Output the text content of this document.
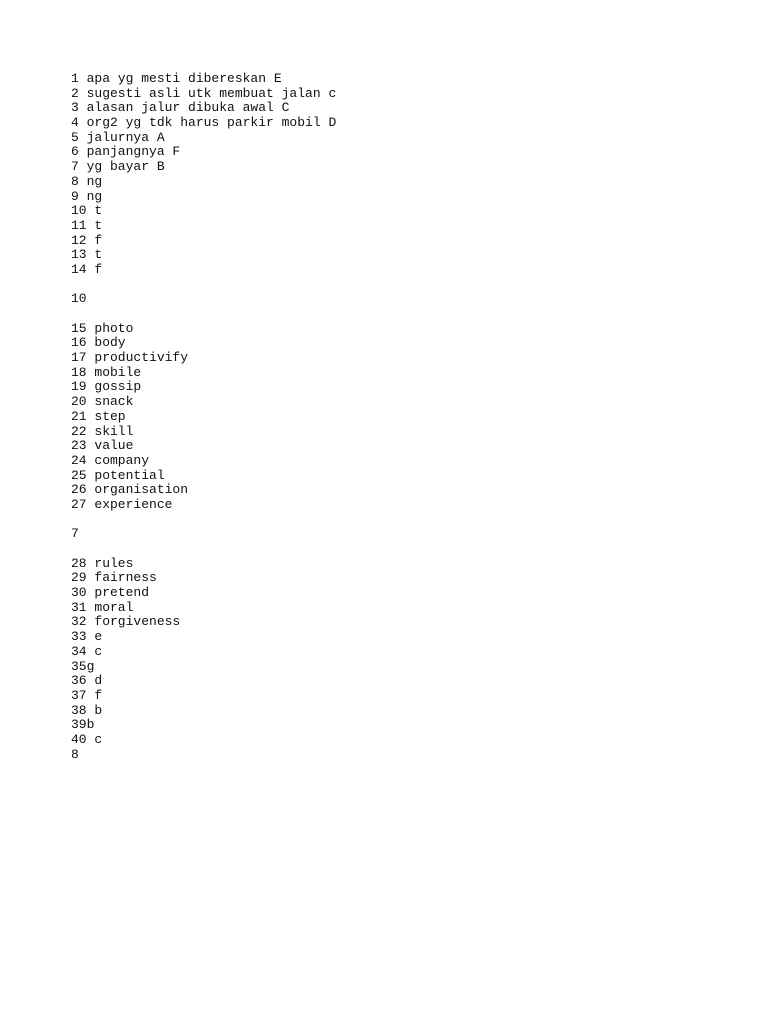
1 apa yg mesti dibereskan E
2 sugesti asli utk membuat jalan c
3 alasan jalur dibuka awal C
4 org2 yg tdk harus parkir mobil D
5 jalurnya A
6 panjangnya F
7 yg bayar B
8 ng
9 ng
10 t
11 t
12 f
13 t
14 f
10
15 photo
16 body
17 productivify
18 mobile
19 gossip
20 snack
21 step
22 skill
23 value
24 company
25 potential
26 organisation
27 experience
7
28 rules
29 fairness
30 pretend
31 moral
32 forgiveness
33 e
34 c
35g
36 d
37 f
38 b
39b
40 c
8
